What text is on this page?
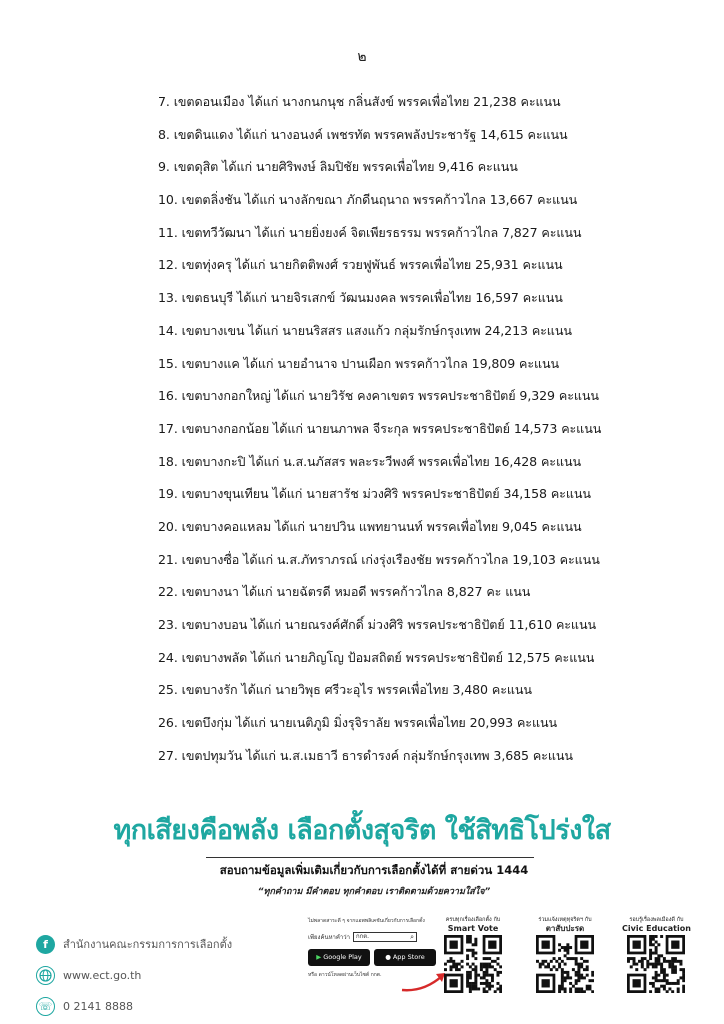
๒
7. เขตดอนเมือง ได้แก่ นางกนกนุช กลิ่นสังข์ พรรคเพื่อไทย 21,238 คะแนน
8. เขตดินแดง ได้แก่ นางอนงค์ เพชรทัต พรรคพลังประชารัฐ 14,615 คะแนน
9. เขตดุสิต ได้แก่ นายศิริพงษ์ ลิมปิชัย พรรคเพื่อไทย 9,416 คะแนน
10. เขตตลิ่งชัน ได้แก่ นางลักขณา ภักดีนฤนาถ พรรคก้าวไกล 13,667 คะแนน
11. เขตทวีวัฒนา ได้แก่ นายยิ่งยงค์ จิตเพียรธรรม พรรคก้าวไกล 7,827 คะแนน
12. เขตทุ่งครุ ได้แก่ นายกิตติพงศ์ รวยฟูพันธ์ พรรคเพื่อไทย 25,931 คะแนน
13. เขตธนบุรี ได้แก่ นายจิรเสกข์ วัฒนมงคล พรรคเพื่อไทย 16,597 คะแนน
14. เขตบางเขน ได้แก่ นายนริสสร แสงแก้ว กลุ่มรักษ์กรุงเทพ 24,213 คะแนน
15. เขตบางแค ได้แก่ นายอำนาจ ปานเผือก พรรคก้าวไกล 19,809 คะแนน
16. เขตบางกอกใหญ่ ได้แก่ นายวิรัช คงคาเขตร พรรคประชาธิปัตย์ 9,329 คะแนน
17. เขตบางกอกน้อย ได้แก่ นายนภาพล จีระกุล พรรคประชาธิปัตย์ 14,573 คะแนน
18. เขตบางกะปิ ได้แก่ น.ส.นภัสสร พละระวีพงศ์ พรรคเพื่อไทย 16,428 คะแนน
19. เขตบางขุนเทียน ได้แก่ นายสารัช ม่วงศิริ พรรคประชาธิปัตย์ 34,158 คะแนน
20. เขตบางคอแหลม ได้แก่ นายปวิน แพทยานนท์ พรรคเพื่อไทย 9,045 คะแนน
21. เขตบางซื่อ ได้แก่ น.ส.ภัทราภรณ์ เก่งรุ่งเรืองชัย พรรคก้าวไกล 19,103 คะแนน
22. เขตบางนา ได้แก่ นายฉัตรดี หมอดี พรรคก้าวไกล 8,827 คะ แนน
23. เขตบางบอน ได้แก่ นายณรงค์ศักดิ์ ม่วงศิริ พรรคประชาธิปัตย์ 11,610 คะแนน
24. เขตบางพลัด ได้แก่ นายภิญโญ ป้อมสถิตย์ พรรคประชาธิปัตย์ 12,575 คะแนน
25. เขตบางรัก ได้แก่ นายวิพุธ ศรีวะอุไร พรรคเพื่อไทย 3,480 คะแนน
26. เขตบึงกุ่ม ได้แก่ นายเนติภูมิ มิ่งรุจิราลัย พรรคเพื่อไทย 20,993 คะแนน
27. เขตปทุมวัน ได้แก่ น.ส.เมธาวี ธารดำรงค์ กลุ่มรักษ์กรุงเทพ 3,685 คะแนน
ทุกเสียงคือพลัง เลือกตั้งสุจริต ใช้สิทธิโปร่งใส
สอบถามข้อมูลเพิ่มเติมเกี่ยวกับการเลือกตั้งได้ที่ สายด่วน 1444
“ทุกคำถาม มีคำตอบ ทุกคำตอบ เราติดตามด้วยความใส่ใจ”
f	สำนักงานคณะกรรมการการเลือกตั้ง
www.ect.go.th
☏ 0 2141 8888
ไม่พลาดสาระดี ๆ จากแอพพลิเคชันเกี่ยวกับการเลือกตั้ง
เพียงค้นหาคำว่า กกต.	⌕
▶ Google Play	● App Store
หรือ ดาวน์โหลดผ่านเว็บไซต์ กกต.
ครบทุกเรื่องเลือกตั้ง กับ
Smart Vote
ร่วมแจ้งเหตุทุจริตฯ กับ
ตาสับปะรด
รอบรู้เรื่องพลเมืองดี กับ
Civic Education
